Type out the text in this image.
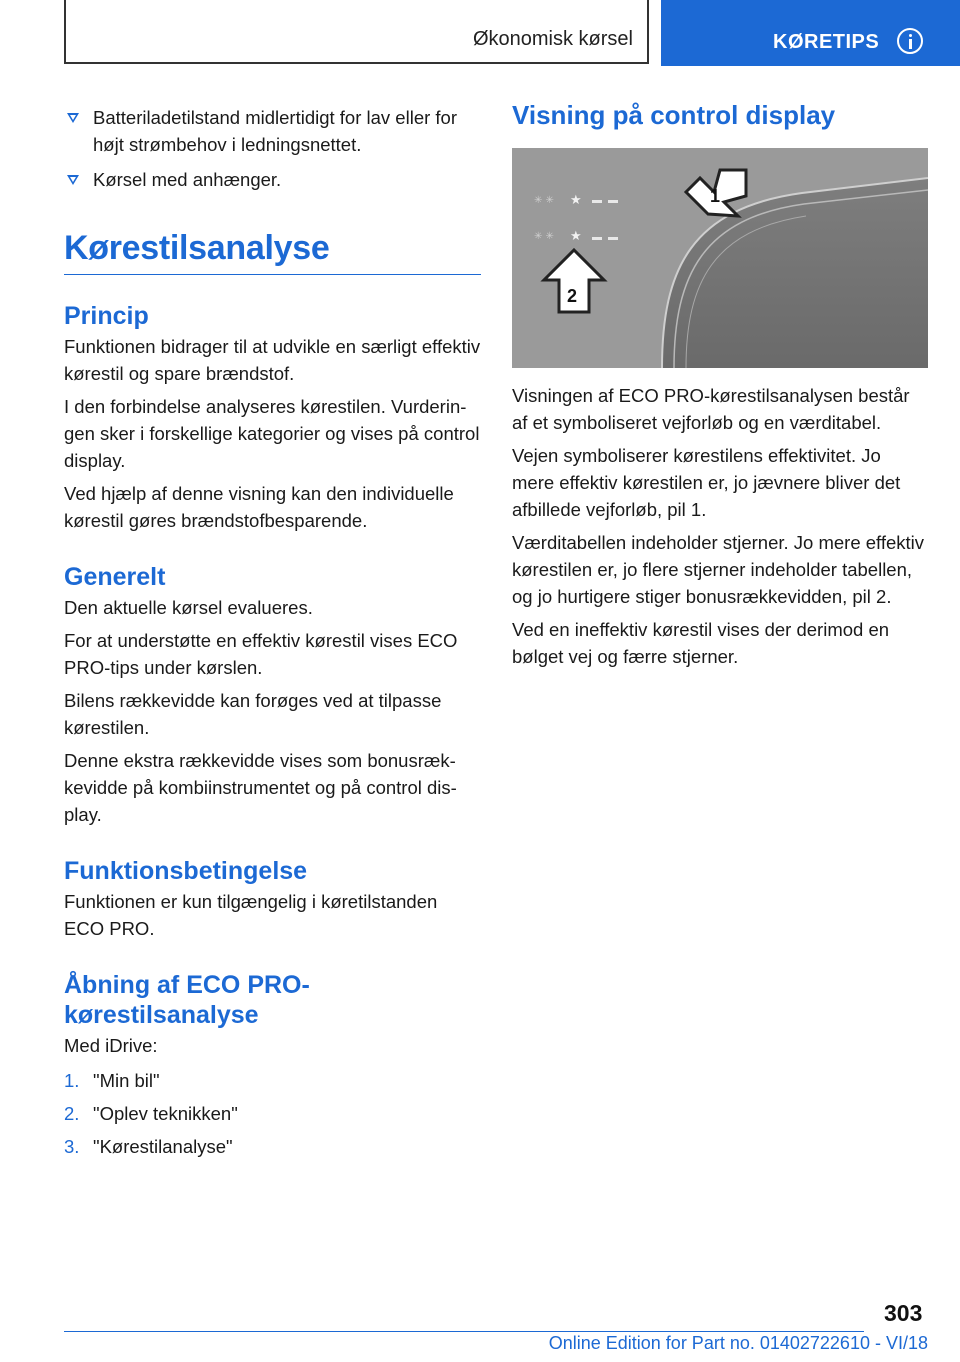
Økonomisk kørsel	KØRETIPS
Batteriladetilstand midlertidigt for lav eller for højt strømbehov i ledningsnettet.
Kørsel med anhænger.
Kørestilsanalyse
Princip

Funktionen bidrager til at udvikle en særligt effektiv kørestil og spare brændstof.

I den forbindelse analyseres kørestilen. Vurderingen sker i forskellige kategorier og vises på control display.

Ved hjælp af denne visning kan den individuelle kørestil gøres brændstofbesparende.

Generelt

Den aktuelle kørsel evalueres.

For at understøtte en effektiv kørestil vises ECO PRO-tips under kørslen.

Bilens rækkevidde kan forøges ved at tilpasse kørestilen.

Denne ekstra rækkevidde vises som bonusrækkevidde på kombiinstrumentet og på control display.

Funktionsbetingelse

Funktionen er kun tilgængelig i køretilstanden ECO PRO.

Åbning af ECO PRO-kørestilsanalyse

Med iDrive:

1. "Min bil"
2. "Oplev teknikken"
3. "Kørestilanalyse"
Visning på control display
✳ ✳ ★
✳ ✳ ★
1
2

Visningen af ECO PRO-kørestilsanalysen består af et symboliseret vejforløb og en værditabel.

Vejen symboliserer kørestilens effektivitet. Jo mere effektiv kørestilen er, jo jævnere bliver det afbillede vejforløb, pil 1.

Værditabellen indeholder stjerner. Jo mere effektiv kørestilen er, jo flere stjerner indeholder tabellen, og jo hurtigere stiger bonusrækkevidden, pil 2.

Ved en ineffektiv kørestil vises der derimod en bølget vej og færre stjerner.

303
Online Edition for Part no. 01402722610 - VI/18
